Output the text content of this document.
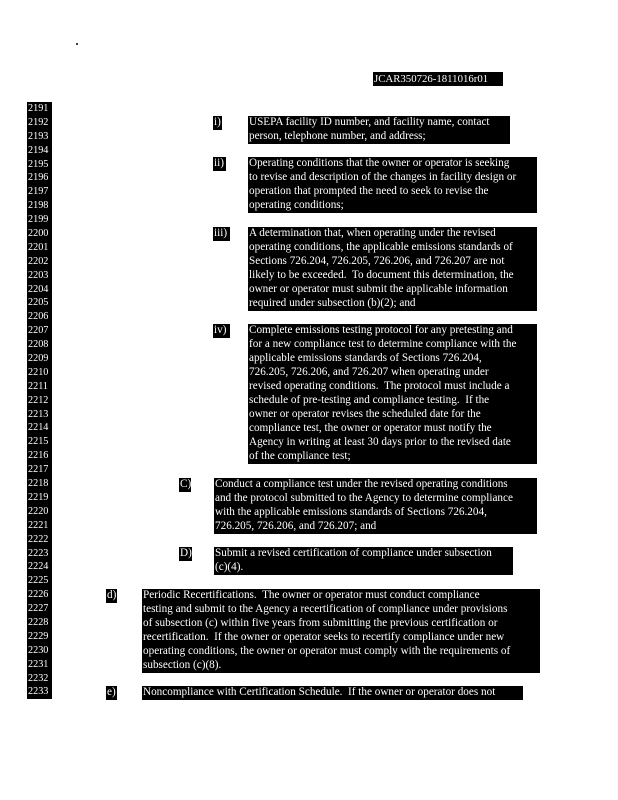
JCAR350726-1811016r01
2191
2192
2193
2194
2195
2196
2197
2198
2199
2200
2201
2202
2203
2204
2205
2206
2207
2208
2209
2210
2211
2212
2213
2214
2215
2216
2217
2218
2219
2220
2221
2222
2223
2224
2225
2226
2227
2228
2229
2230
2231
2232
2233
i)	USEPA facility ID number, and facility name, contact
person, telephone number, and address;
ii) Operating conditions that the owner or operator is seeking
to revise and description of the changes in facility design or
operation that prompted the need to seek to revise the
operating conditions;
iii) A determination that, when operating under the revised
operating conditions, the applicable emissions standards of
Sections 726.204, 726.205, 726.206, and 726.207 are not
likely to be exceeded.  To document this determination, the
owner or operator must submit the applicable information
required under subsection (b)(2); and
iv)	Complete emissions testing protocol for any pretesting and
for a new compliance test to determine compliance with the
applicable emissions standards of Sections 726.204,
726.205, 726.206, and 726.207 when operating under
revised operating conditions.  The protocol must include a
schedule of pre-testing and compliance testing.  If the
owner or operator revises the scheduled date for the
compliance test, the owner or operator must notify the
Agency in writing at least 30 days prior to the revised date
of the compliance test;
C) Conduct a compliance test under the revised operating conditions
and the protocol submitted to the Agency to determine compliance
with the applicable emissions standards of Sections 726.204,
726.205, 726.206, and 726.207; and
D) Submit a revised certification of compliance under subsection
(c)(4).
d) Periodic Recertifications.  The owner or operator must conduct compliance
testing and submit to the Agency a recertification of compliance under provisions
of subsection (c) within five years from submitting the previous certification or
recertification.  If the owner or operator seeks to recertify compliance under new
operating conditions, the owner or operator must comply with the requirements of
subsection (c)(8).
e) Noncompliance with Certification Schedule.  If the owner or operator does not
